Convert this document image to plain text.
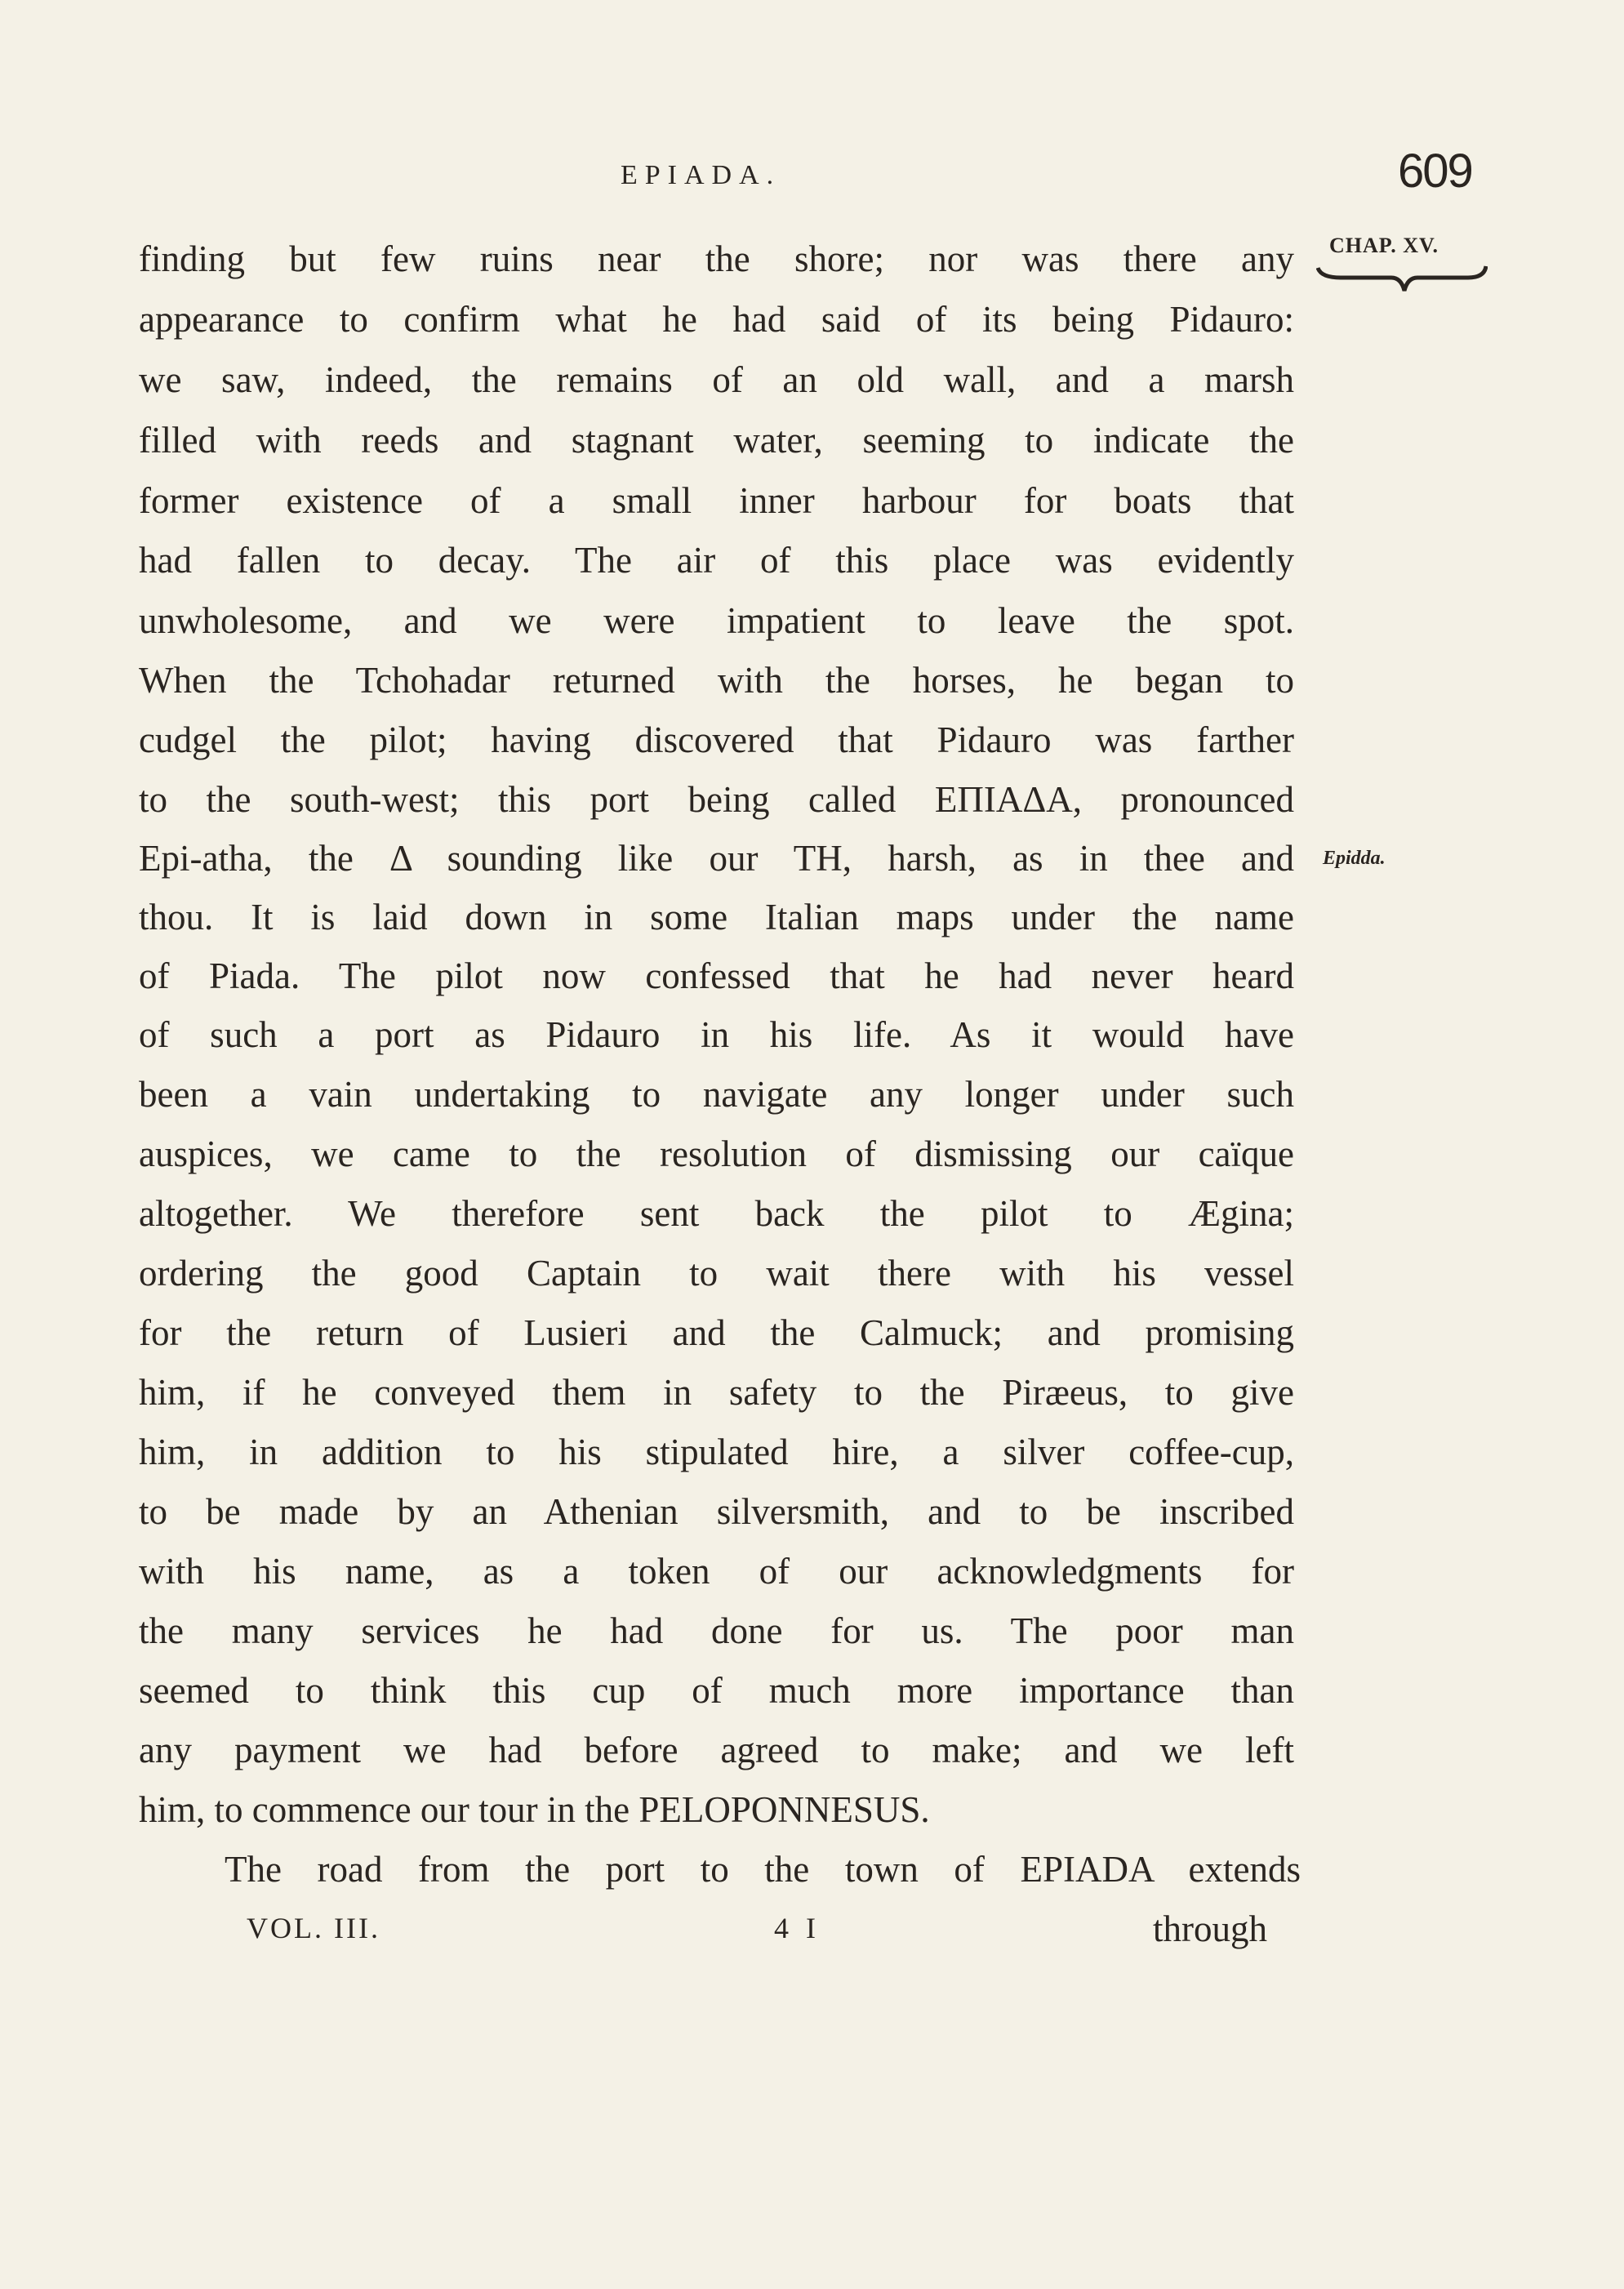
EPIADA.	609
CHAP. XV.
Epidda.
finding but few ruins near the shore; nor was there any
appearance to confirm what he had said of its being Pidauro:
we saw, indeed, the remains of an old wall, and a marsh
filled with reeds and stagnant water, seeming to indicate the
former existence of a small inner harbour for boats that
had fallen to decay. The air of this place was evidently
unwholesome, and we were impatient to leave the spot.
When the Tchohadar returned with the horses, he began to
cudgel the pilot; having discovered that Pidauro was farther
to the south-west; this port being called ΕΠΙΑΔΑ, pronounced
Epi-atha, the Δ sounding like our TH, harsh, as in thee and
thou. It is laid down in some Italian maps under the name
of Piada. The pilot now confessed that he had never heard
of such a port as Pidauro in his life. As it would have
been a vain undertaking to navigate any longer under such
auspices, we came to the resolution of dismissing our caïque
altogether. We therefore sent back the pilot to Ægina;
ordering the good Captain to wait there with his vessel
for the return of Lusieri and the Calmuck; and promising
him, if he conveyed them in safety to the Piræeus, to give
him, in addition to his stipulated hire, a silver coffee-cup,
to be made by an Athenian silversmith, and to be inscribed
with his name, as a token of our acknowledgments for
the many services he had done for us. The poor man
seemed to think this cup of much more importance than
any payment we had before agreed to make; and we left
him, to commence our tour in the PELOPONNESUS.
The road from the port to the town of EPIADA extends
VOL. III.	4 I	through
